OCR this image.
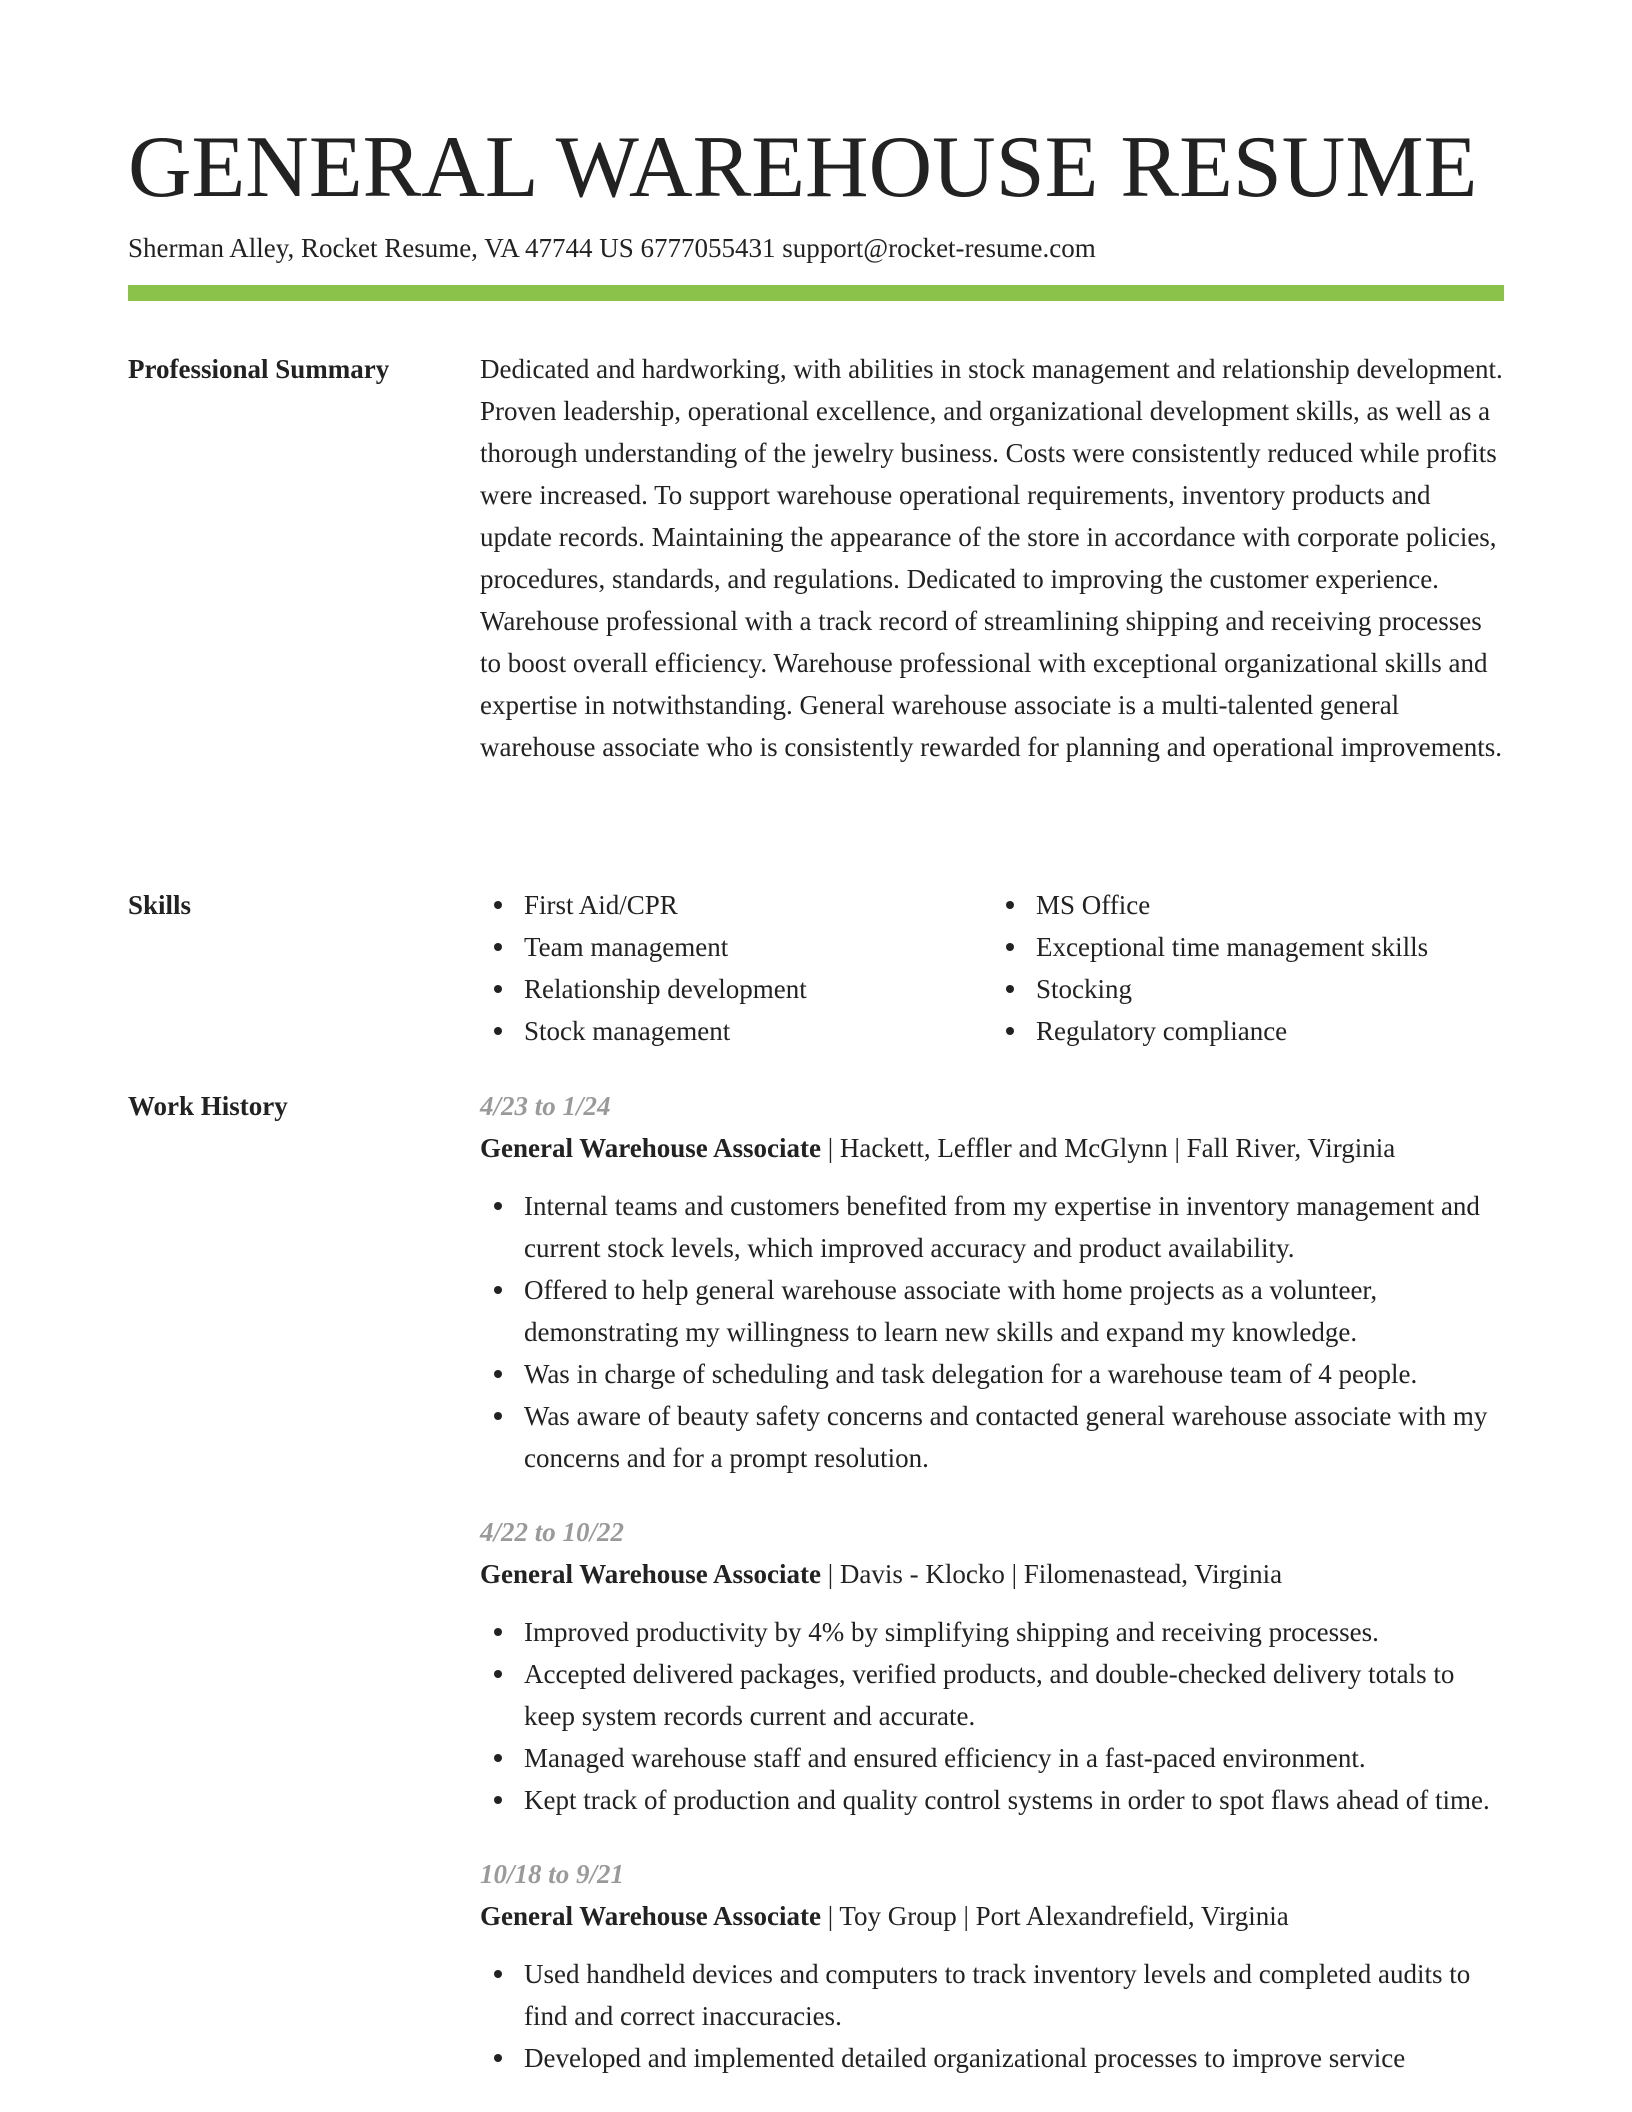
GENERAL WAREHOUSE RESUME
Sherman Alley, Rocket Resume, VA 47744 US 6777055431 support@rocket-resume.com
Professional Summary	Dedicated and hardworking, with abilities in stock management and relationship development. Proven leadership, operational excellence, and organizational development skills, as well as a thorough understanding of the jewelry business. Costs were consistently reduced while profits were increased. To support warehouse operational requirements, inventory products and update records. Maintaining the appearance of the store in accordance with corporate policies, procedures, standards, and regulations. Dedicated to improving the customer experience. Warehouse professional with a track record of streamlining shipping and receiving processes to boost overall efficiency. Warehouse professional with exceptional organizational skills and expertise in notwithstanding. General warehouse associate is a multi-talented general warehouse associate who is consistently rewarded for planning and operational improvements.

Skills	First Aid/CPR
Team management
Relationship development
Stock management
MS Office
Exceptional time management skills
Stocking
Regulatory compliance
Work History	4/23 to 1/24
General Warehouse Associate | Hackett, Leffler and McGlynn | Fall River, Virginia
Internal teams and customers benefited from my expertise in inventory management and current stock levels, which improved accuracy and product availability.
Offered to help general warehouse associate with home projects as a volunteer, demonstrating my willingness to learn new skills and expand my knowledge.
Was in charge of scheduling and task delegation for a warehouse team of 4 people.
Was aware of beauty safety concerns and contacted general warehouse associate with my concerns and for a prompt resolution.
4/22 to 10/22
General Warehouse Associate | Davis - Klocko | Filomenastead, Virginia
Improved productivity by 4% by simplifying shipping and receiving processes.
Accepted delivered packages, verified products, and double-checked delivery totals to keep system records current and accurate.
Managed warehouse staff and ensured efficiency in a fast-paced environment.
Kept track of production and quality control systems in order to spot flaws ahead of time.
10/18 to 9/21
General Warehouse Associate | Toy Group | Port Alexandrefield, Virginia
Used handheld devices and computers to track inventory levels and completed audits to find and correct inaccuracies.
Developed and implemented detailed organizational processes to improve service
